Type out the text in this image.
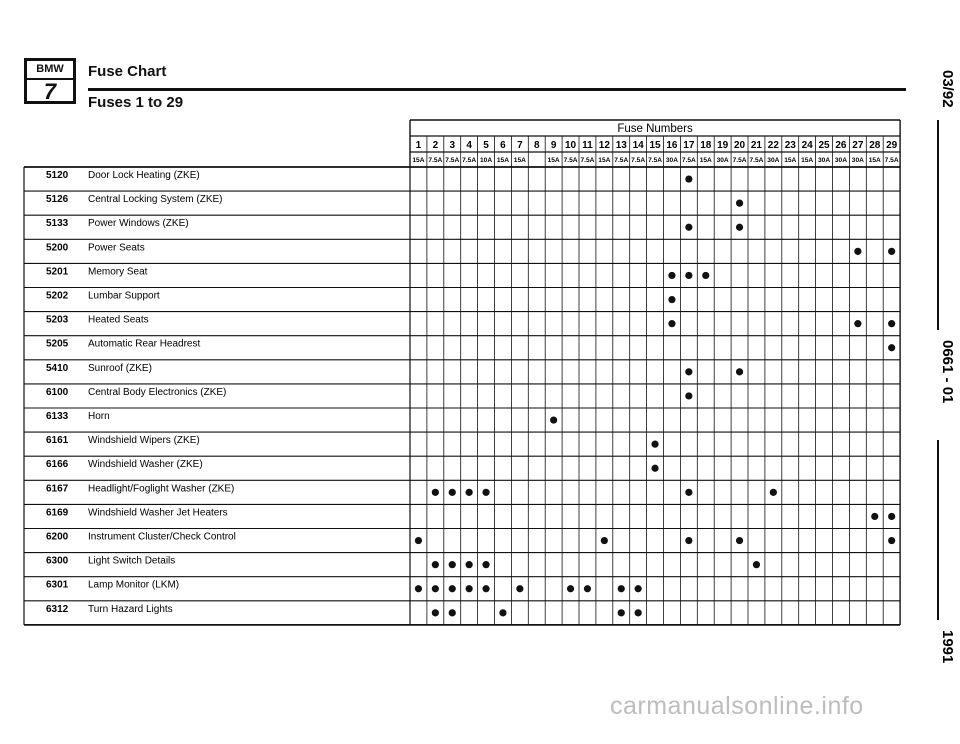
BMW
7
Fuse Chart
Fuses 1 to 29	03/92
0661 - 01
1991
Fuse Numbers
1
15A
2
7.5A
3
7.5A
4
7.5A
5
10A
6
15A
7
15A
8 9
15A
10
7.5A
11
7.5A
12
15A
13
7.5A
14
7.5A
15
7.5A
16
30A
17
7.5A
18
15A
19
30A
20
7.5A
21
7.5A
22
30A
23
15A
24
15A
25
30A
26
30A
27
30A
28
15A
29
7.5A
5120 Door Lock Heating (ZKE)
5126 Central Locking System (ZKE)
5133 Power Windows (ZKE)
5200 Power Seats
5201 Memory Seat
5202 Lumbar Support
5203 Heated Seats
5205 Automatic Rear Headrest
5410 Sunroof (ZKE)
6100 Central Body Electronics (ZKE)
6133 Horn
6161 Windshield Wipers (ZKE)
6166 Windshield Washer (ZKE)
6167 Headlight/Foglight Washer (ZKE)
6169 Windshield Washer Jet Heaters
6200 Instrument Cluster/Check Control
6300 Light Switch Details
6301 Lamp Monitor (LKM)
6312 Turn Hazard Lights
carmanualsonline.info
